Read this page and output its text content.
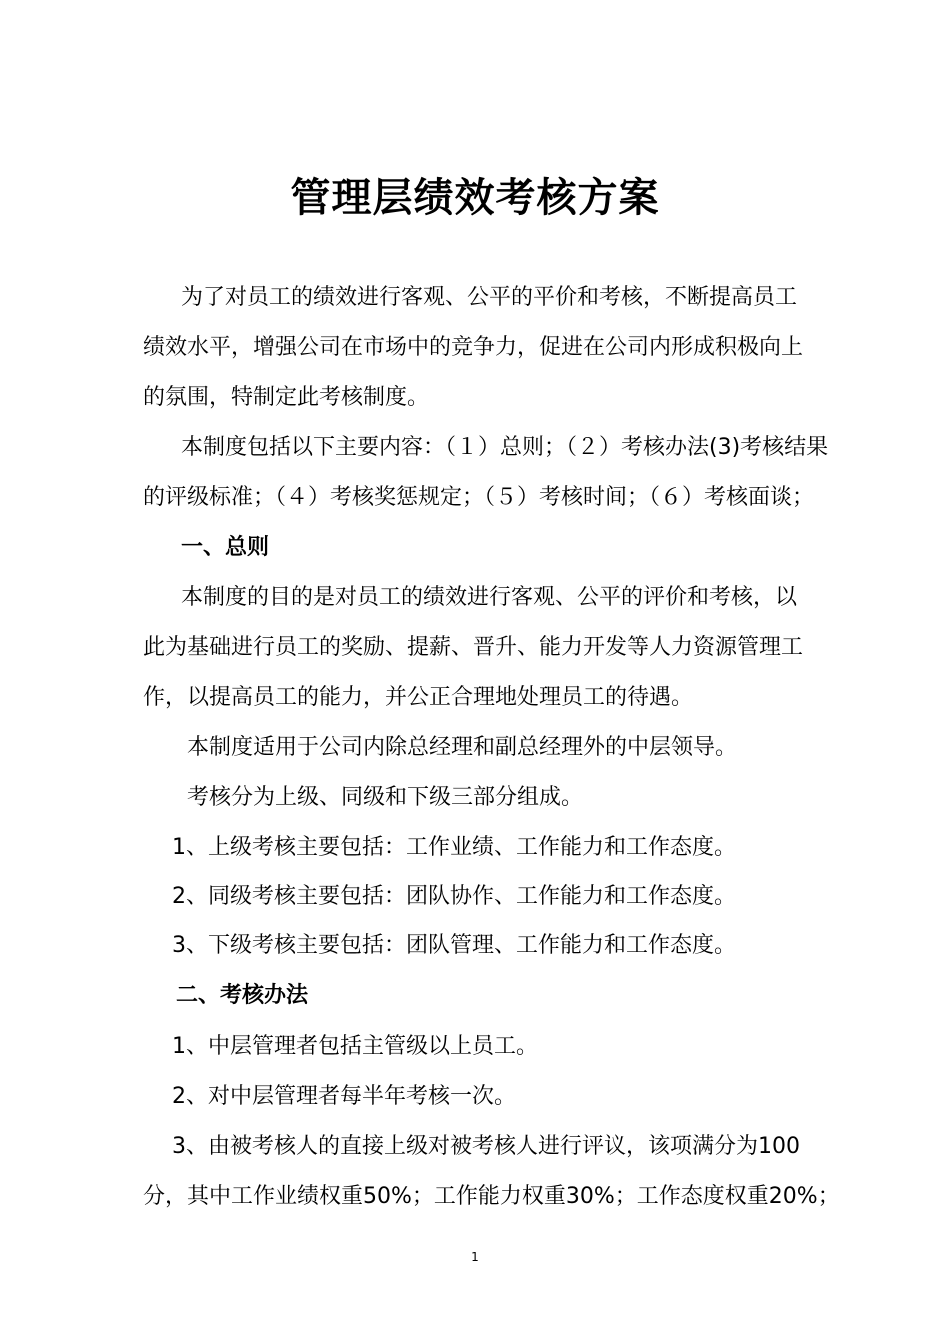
管理层绩效考核方案
为了对员工的绩效进行客观、公平的平价和考核，不断提高员工
绩效水平，增强公司在市场中的竞争力，促进在公司内形成积极向上
的氛围，特制定此考核制度。
本制度包括以下主要内容：（１）总则；（２）考核办法(3)考核结果
的评级标准；（４）考核奖惩规定；（５）考核时间；（６）考核面谈；
一、总则
本制度的目的是对员工的绩效进行客观、公平的评价和考核，以
此为基础进行员工的奖励、提薪、晋升、能力开发等人力资源管理工
作，以提高员工的能力，并公正合理地处理员工的待遇。
本制度适用于公司内除总经理和副总经理外的中层领导。
考核分为上级、同级和下级三部分组成。
1、上级考核主要包括：工作业绩、工作能力和工作态度。
2、同级考核主要包括：团队协作、工作能力和工作态度。
3、下级考核主要包括：团队管理、工作能力和工作态度。
二、考核办法
1、中层管理者包括主管级以上员工。
2、对中层管理者每半年考核一次。
3、由被考核人的直接上级对被考核人进行评议，该项满分为100
分，其中工作业绩权重50%；工作能力权重30%；工作态度权重20%；
1
